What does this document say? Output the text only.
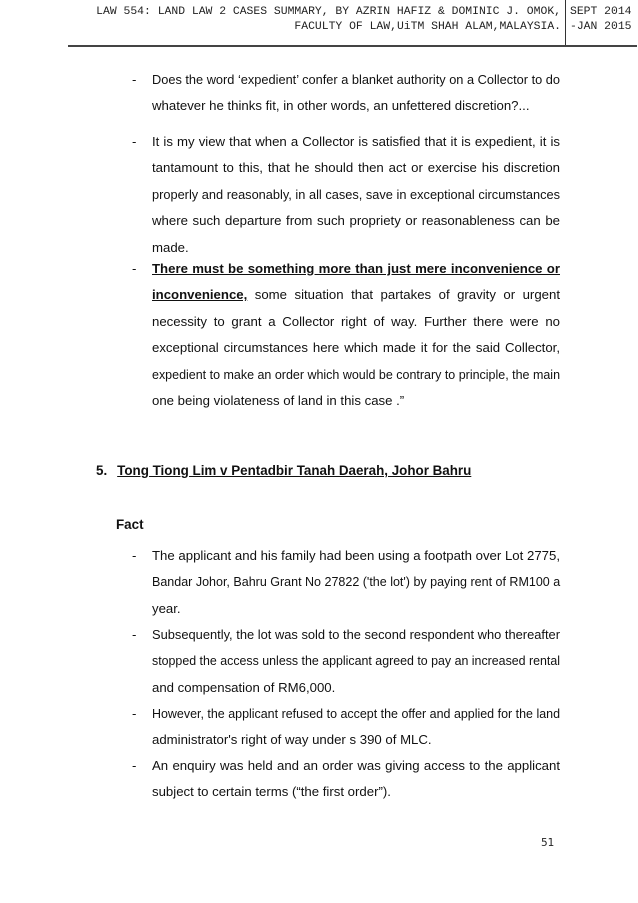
LAW 554: LAND LAW 2 CASES SUMMARY, BY AZRIN HAFIZ & DOMINIC J. OMOK,
FACULTY OF LAW,UiTM SHAH ALAM,MALAYSIA.
SEPT 2014
-JAN 2015
-	Does the word ‘expedient’ confer a blanket authority on a Collector to do
whatever he thinks fit, in other words, an unfettered discretion?...
-	It is my view that when a Collector is satisfied that it is expedient, it is
tantamount to this, that he should then act or exercise his discretion
properly and reasonably, in all cases, save in exceptional circumstances
where such departure from such propriety or reasonableness can be
made.
-	There must be something more than just mere inconvenience or
inconvenience, some situation that partakes of gravity or urgent
necessity to grant a Collector right of way. Further there were no
exceptional circumstances here which made it for the said Collector,
expedient to make an order which would be contrary to principle, the main
one being violateness of land in this case .”
5. Tong Tiong Lim v Pentadbir Tanah Daerah, Johor Bahru
Fact
-	The applicant and his family had been using a footpath over Lot 2775,
Bandar Johor, Bahru Grant No 27822 ('the lot') by paying rent of RM100 a
year.
-	Subsequently, the lot was sold to the second respondent who thereafter
stopped the access unless the applicant agreed to pay an increased rental
and compensation of RM6,000.
-	However, the applicant refused to accept the offer and applied for the land
administrator's right of way under s 390 of MLC.
-	An enquiry was held and an order was giving access to the applicant
subject to certain terms (“the first order”).
51
